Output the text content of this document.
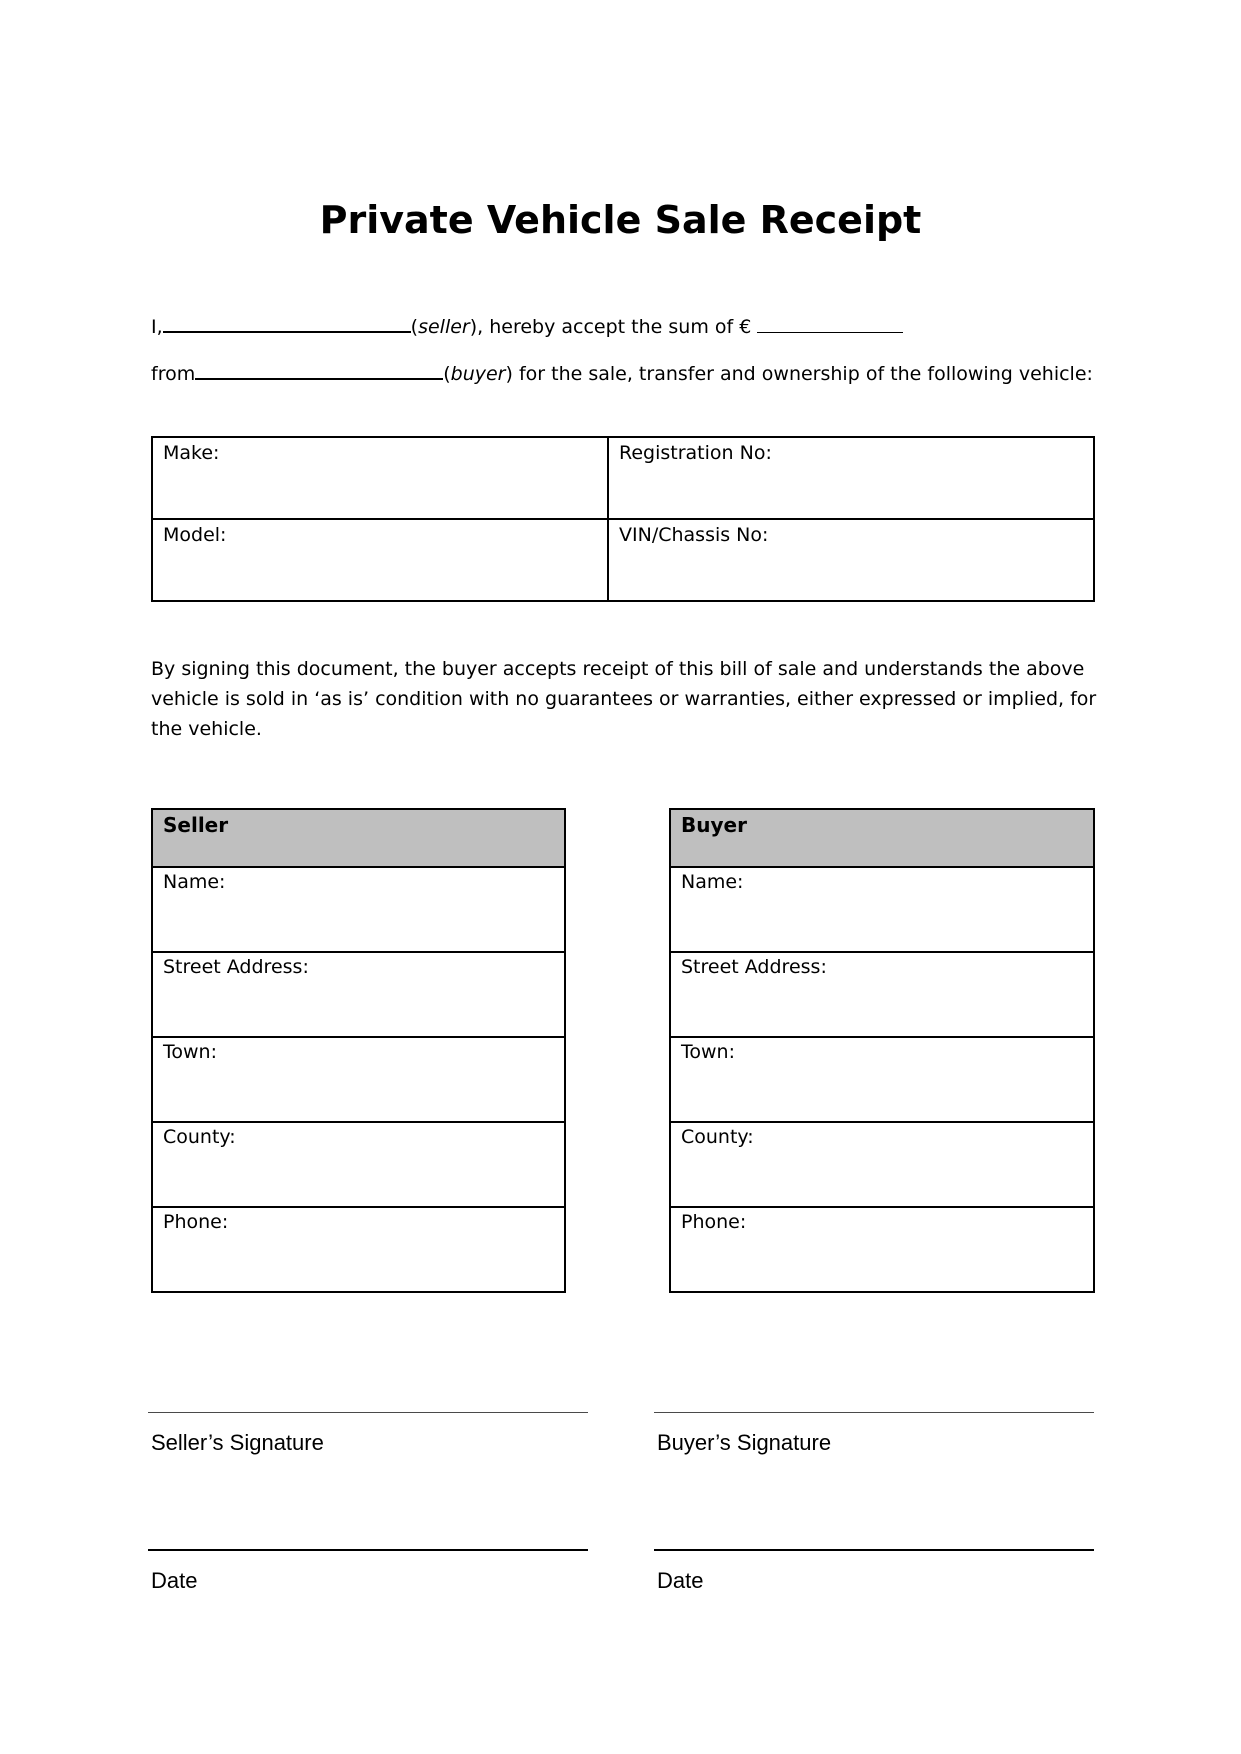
Private Vehicle Sale Receipt
I,	(seller), hereby accept the sum of €
from	(buyer) for the sale, transfer and ownership of the following vehicle:
Make:	Registration No:
Model:	VIN/Chassis No:
By signing this document, the buyer accepts receipt of this bill of sale and understands the above vehicle is sold in ‘as is’ condition with no guarantees or warranties, either expressed or implied, for the vehicle.
Seller
Name:
Street Address:
Town:
County:
Phone:
Buyer
Name:
Street Address:
Town:
County:
Phone:
Seller’s Signature	Buyer’s Signature
Date	Date
